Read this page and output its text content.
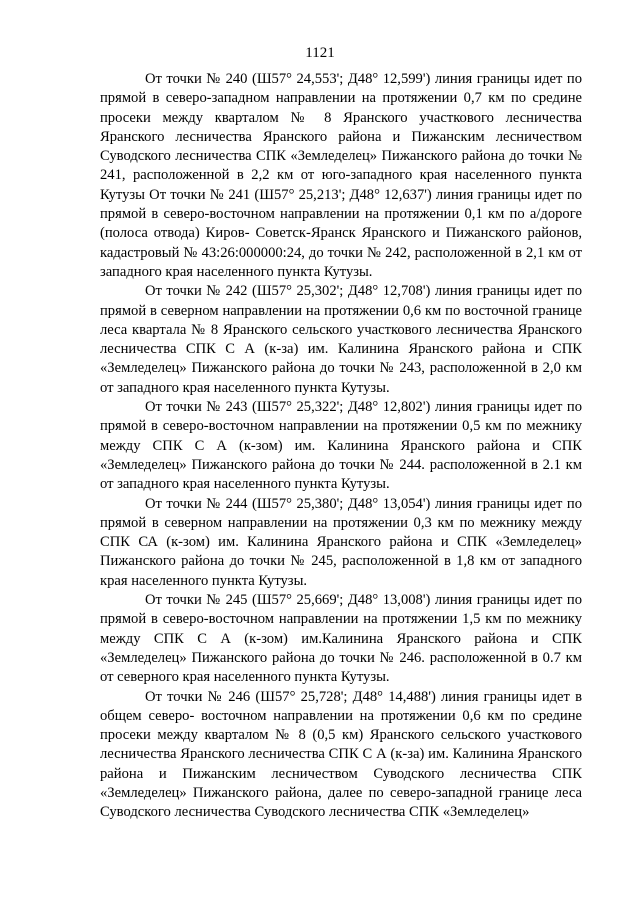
1121

От точки № 240 (Ш57° 24,553'; Д48° 12,599') линия границы идет по прямой в северо-западном направлении на протяжении 0,7 км по средине просеки между кварталом № 8 Яранского участкового лесничества Яранского лесничества Яранского района и Пижанским лесничеством Суводского лесничества СПК «Земледелец» Пижанского района до точки № 241, расположенной в 2,2 км от юго-западного края населенного пункта Кутузы От точки № 241 (Ш57° 25,213'; Д48° 12,637') линия границы идет по прямой в северо-восточном направлении на протяжении 0,1 км по а/дороге (полоса отвода) Киров- Советск-Яранск Яранского и Пижанского районов, кадастровый № 43:26:000000:24, до точки № 242, расположенной в 2,1 км от западного края населенного пункта Кутузы.

От точки № 242 (Ш57° 25,302'; Д48° 12,708') линия границы идет по прямой в северном направлении на протяжении 0,6 км по восточной границе леса квартала № 8 Яранского сельского участкового лесничества Яранского лесничества СПК С А (к-за) им. Калинина Яранского района и СПК «Земледелец» Пижанского района до точки № 243, расположенной в 2,0 км от западного края населенного пункта Кутузы.

От точки № 243 (Ш57° 25,322'; Д48° 12,802') линия границы идет по прямой в северо-восточном направлении на протяжении 0,5 км по межнику между СПК С А (к-зом) им. Калинина Яранского района и СПК «Земледелец» Пижанского района до точки № 244. расположенной в 2.1 км от западного края населенного пункта Кутузы.

От точки № 244 (Ш57° 25,380'; Д48° 13,054') линия границы идет по прямой в северном направлении на протяжении 0,3 км по межнику между СПК СА (к-зом) им. Калинина Яранского района и СПК «Земледелец» Пижанского района до точки № 245, расположенной в 1,8 км от западного края населенного пункта Кутузы.

От точки № 245 (Ш57° 25,669'; Д48° 13,008') линия границы идет по прямой в северо-восточном направлении на протяжении 1,5 км по межнику между СПК С А (к-зом) им.Калинина Яранского района и СПК «Земледелец» Пижанского района до точки № 246. расположенной в 0.7 км от северного края населенного пункта Кутузы.

От точки № 246 (Ш57° 25,728'; Д48° 14,488') линия границы идет в общем северо- восточном направлении на протяжении 0,6 км по средине просеки между кварталом № 8 (0,5 км) Яранского сельского участкового лесничества Яранского лесничества СПК С А (к-за) им. Калинина Яранского района и Пижанским лесничеством Суводского лесничества СПК «Земледелец» Пижанского района, далее по северо-западной границе леса Суводского лесничества Суводского лесничества СПК «Земледелец»
